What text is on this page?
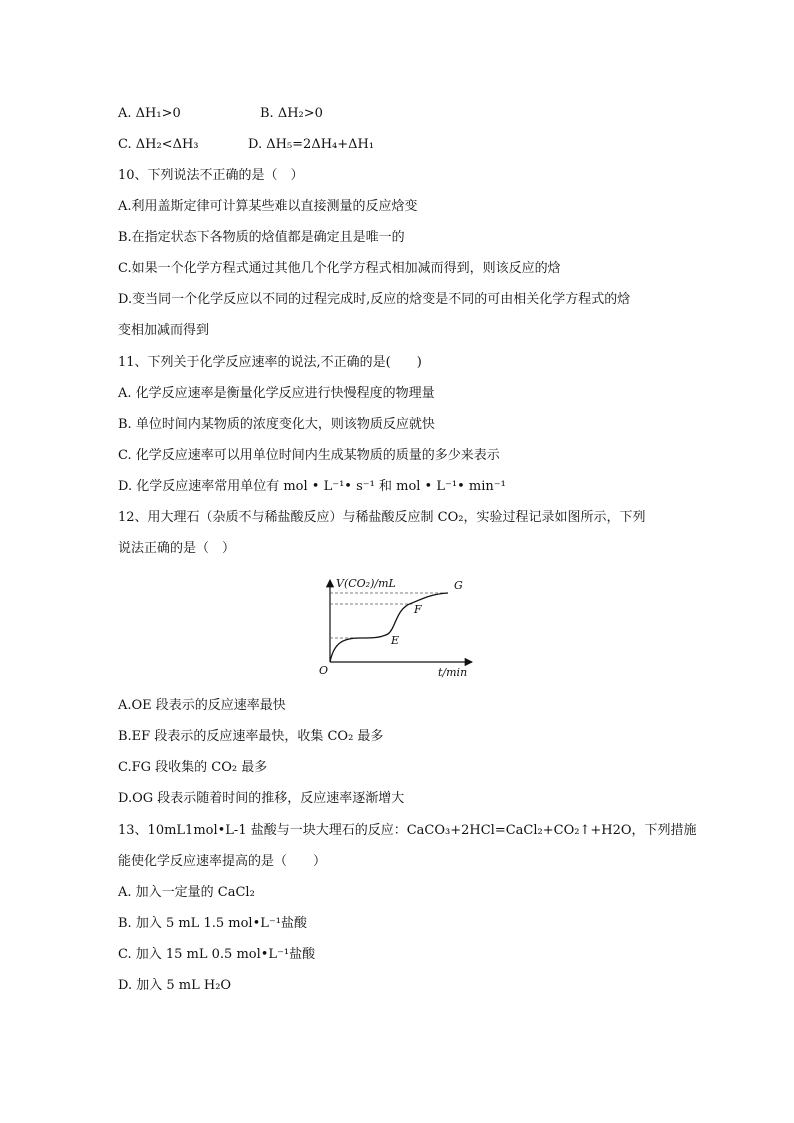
A. ΔH₁>0	B. ΔH₂>0
C. ΔH₂<ΔH₃	D. ΔH₅=2ΔH₄+ΔH₁
10、下列说法不正确的是（　）
A.利用盖斯定律可计算某些难以直接测量的反应焓变
B.在指定状态下各物质的焓值都是确定且是唯一的
C.如果一个化学方程式通过其他几个化学方程式相加减而得到，则该反应的焓
D.变当同一个化学反应以不同的过程完成时,反应的焓变是不同的可由相关化学方程式的焓
变相加减而得到
11、下列关于化学反应速率的说法,不正确的是(　　)
A. 化学反应速率是衡量化学反应进行快慢程度的物理量
B. 单位时间内某物质的浓度变化大，则该物质反应就快
C. 化学反应速率可以用单位时间内生成某物质的质量的多少来表示
D. 化学反应速率常用单位有 mol • L⁻¹• s⁻¹ 和 mol • L⁻¹• min⁻¹
12、用大理石（杂质不与稀盐酸反应）与稀盐酸反应制 CO₂，实验过程记录如图所示，下列
说法正确的是（　）
V(CO₂)/mL
t/min
O
E
F
G
A.OE 段表示的反应速率最快
B.EF 段表示的反应速率最快，收集 CO₂ 最多
C.FG 段收集的 CO₂ 最多
D.OG 段表示随着时间的推移，反应速率逐渐增大
13、10mL1mol•L-1 盐酸与一块大理石的反应：CaCO₃+2HCl=CaCl₂+CO₂↑+H2O，下列措施
能使化学反应速率提高的是（　　）
A. 加入一定量的 CaCl₂
B. 加入 5 mL 1.5 mol•L⁻¹盐酸
C. 加入 15 mL 0.5 mol•L⁻¹盐酸
D. 加入 5 mL H₂O
